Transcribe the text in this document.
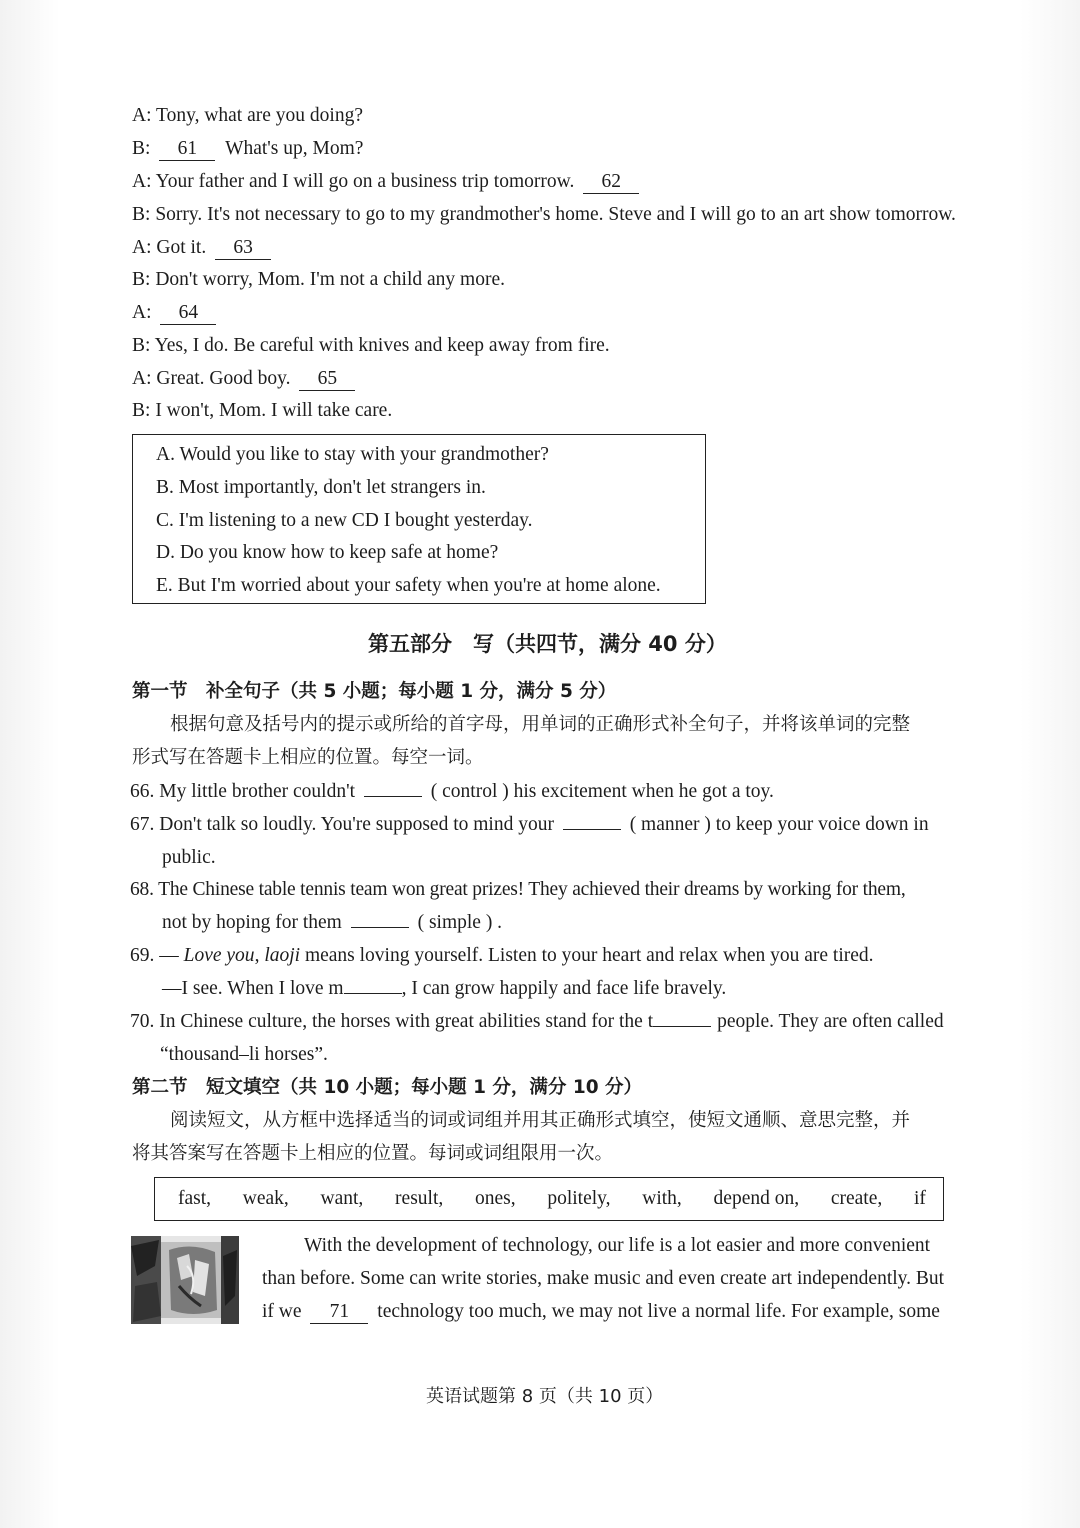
A: Tony, what are you doing?
B: 61 What's up, Mom?
A: Your father and I will go on a business trip tomorrow. 62
B: Sorry. It's not necessary to go to my grandmother's home. Steve and I will go to an art show tomorrow.
A: Got it. 63
B: Don't worry, Mom. I'm not a child any more.
A: 64
B: Yes, I do. Be careful with knives and keep away from fire.
A: Great. Good boy. 65
B: I won't, Mom. I will take care.
A. Would you like to stay with your grandmother?
B. Most importantly, don't let strangers in.
C. I'm listening to a new CD I bought yesterday.
D. Do you know how to keep safe at home?
E. But I'm worried about your safety when you're at home alone.
第五部分　写（共四节，满分 40 分）
第一节　补全句子（共 5 小题；每小题 1 分，满分 5 分）
根据句意及括号内的提示或所给的首字母，用单词的正确形式补全句子，并将该单词的完整
形式写在答题卡上相应的位置。每空一词。
66. My little brother couldn't	( control ) his excitement when he got a toy.
67. Don't talk so loudly. You're supposed to mind your	( manner ) to keep your voice down in
public.
68. The Chinese table tennis team won great prizes! They achieved their dreams by working for them,
not by hoping for them	( simple ) .
69. — Love you, laoji means loving yourself. Listen to your heart and relax when you are tired.
—I see. When I love m	, I can grow happily and face life bravely.
70. In Chinese culture, the horses with great abilities stand for the t	people. They are often called
“thousand–li horses”.
第二节　短文填空（共 10 小题；每小题 1 分，满分 10 分）
阅读短文，从方框中选择适当的词或词组并用其正确形式填空，使短文通顺、意思完整，并
将其答案写在答题卡上相应的位置。每词或词组限用一次。
fast, weak, want, result, ones, politely, with, depend on, create, if
With the development of technology, our life is a lot easier and more convenient
than before. Some can write stories, make music and even create art independently. But
if we 71 technology too much, we may not live a normal life. For example, some
英语试题第 8 页（共 10 页）
